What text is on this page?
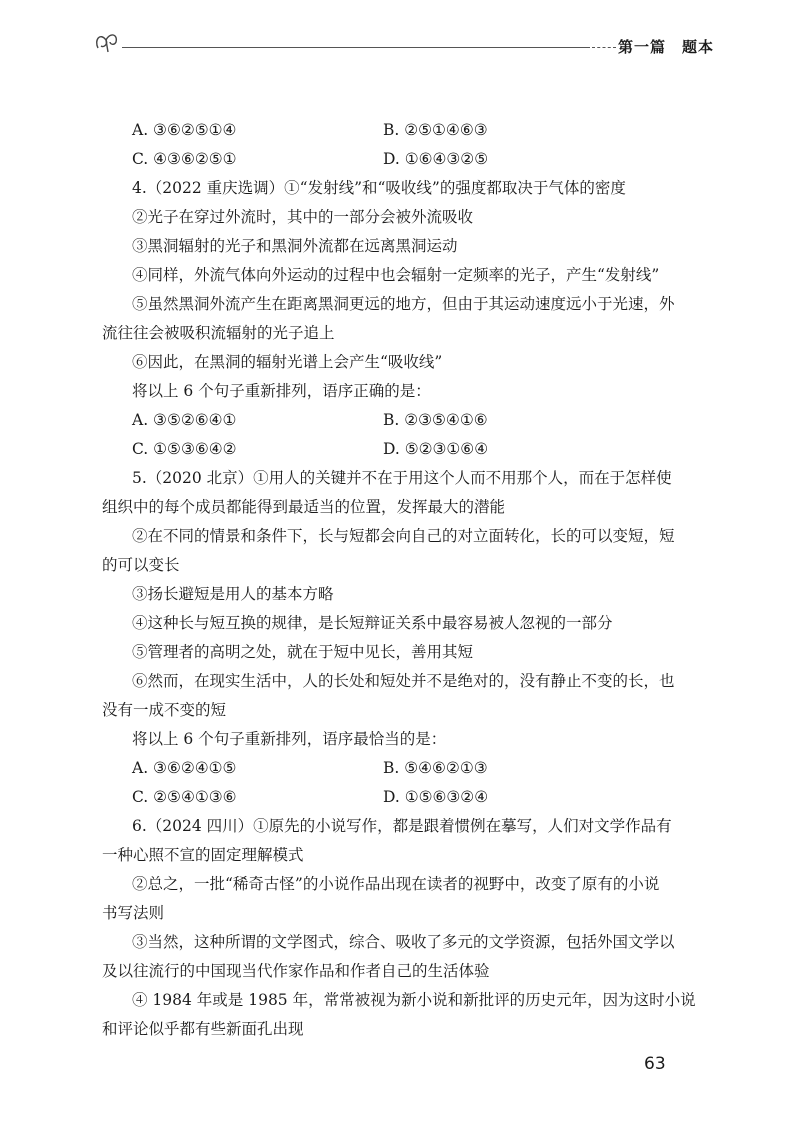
第一篇　题本
A. ③⑥②⑤①④	B. ②⑤①④⑥③
C. ④③⑥②⑤①	D. ①⑥④③②⑤
4.（2022 重庆选调）①“发射线”和“吸收线”的强度都取决于气体的密度
②光子在穿过外流时，其中的一部分会被外流吸收
③黑洞辐射的光子和黑洞外流都在远离黑洞运动
④同样，外流气体向外运动的过程中也会辐射一定频率的光子，产生“发射线”
⑤虽然黑洞外流产生在距离黑洞更远的地方，但由于其运动速度远小于光速，外
流往往会被吸积流辐射的光子追上
⑥因此，在黑洞的辐射光谱上会产生“吸收线”
将以上 6 个句子重新排列，语序正确的是：
A. ③⑤②⑥④①	B. ②③⑤④①⑥
C. ①⑤③⑥④②	D. ⑤②③①⑥④
5.（2020 北京）①用人的关键并不在于用这个人而不用那个人，而在于怎样使
组织中的每个成员都能得到最适当的位置，发挥最大的潜能
②在不同的情景和条件下，长与短都会向自己的对立面转化，长的可以变短，短
的可以变长
③扬长避短是用人的基本方略
④这种长与短互换的规律，是长短辩证关系中最容易被人忽视的一部分
⑤管理者的高明之处，就在于短中见长，善用其短
⑥然而，在现实生活中，人的长处和短处并不是绝对的，没有静止不变的长，也
没有一成不变的短
将以上 6 个句子重新排列，语序最恰当的是：
A. ③⑥②④①⑤	B. ⑤④⑥②①③
C. ②⑤④①③⑥	D. ①⑤⑥③②④
6.（2024 四川）①原先的小说写作，都是跟着惯例在摹写，人们对文学作品有
一种心照不宣的固定理解模式
②总之，一批“稀奇古怪”的小说作品出现在读者的视野中，改变了原有的小说
书写法则
③当然，这种所谓的文学图式，综合、吸收了多元的文学资源，包括外国文学以
及以往流行的中国现当代作家作品和作者自己的生活体验
④ 1984 年或是 1985 年，常常被视为新小说和新批评的历史元年，因为这时小说
和评论似乎都有些新面孔出现
63
